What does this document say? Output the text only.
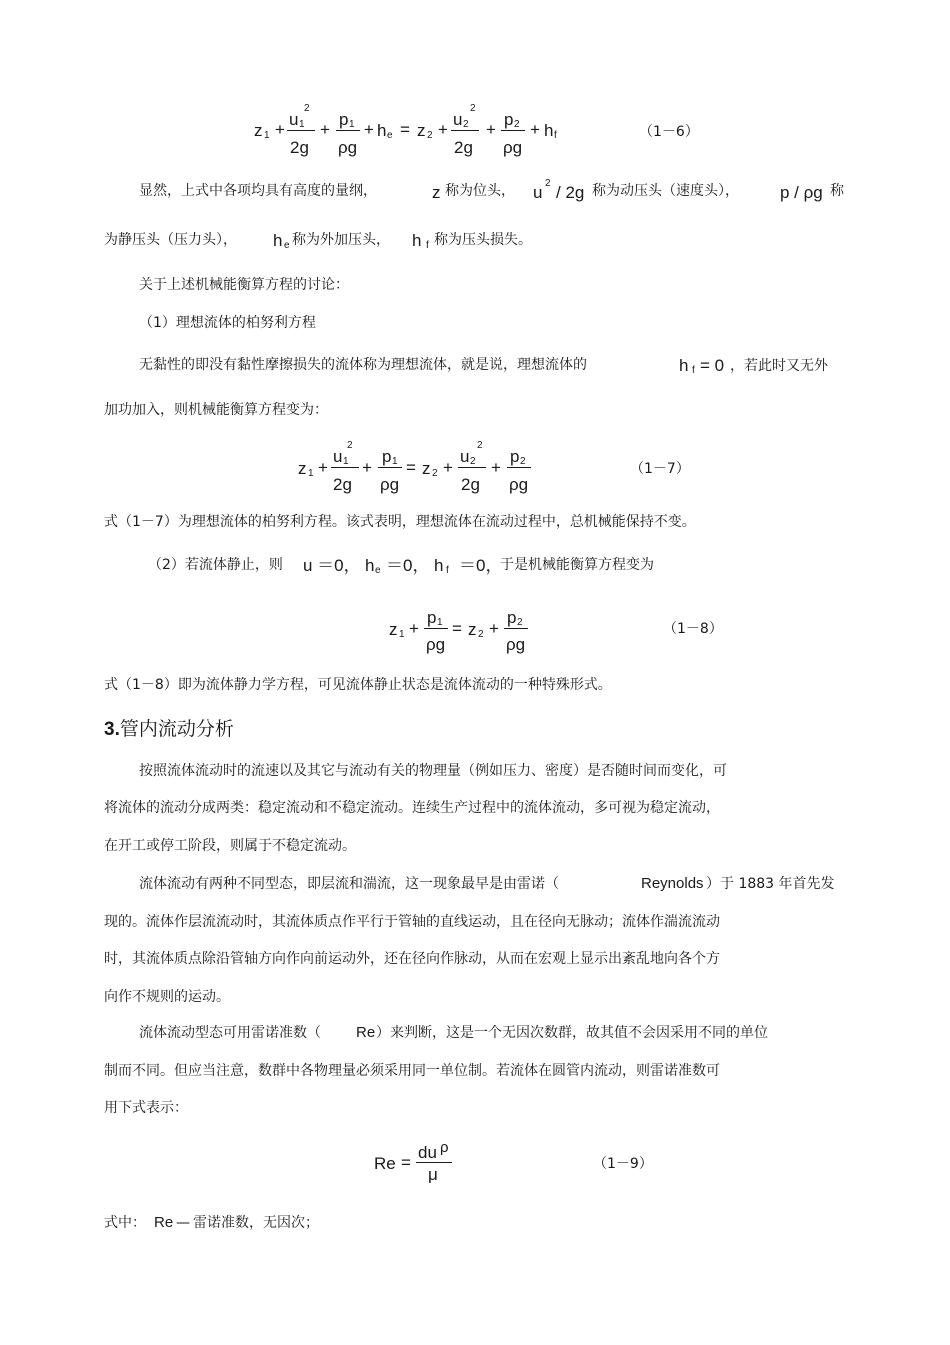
z 1 +
u 1
2
2g
+
p 1
ρg
+ h e = z 2 +
u 2
2
2g
+
p 2
ρg
+ h f	（1－6）
显然，上式中各项均具有高度的量纲，	z 称为位头， u 2 / 2g 称为动压头（速度头）， p / ρg 称
为静压头（压力头）， h e 称为外加压头， h f 称为压头损失。
关于上述机械能衡算方程的讨论：
（1）理想流体的柏努利方程
无黏性的即没有黏性摩擦损失的流体称为理想流体，就是说，理想流体的	h f = 0 ，若此时又无外
加功加入，则机械能衡算方程变为：
z 1 +
u 1
2
2g
+
p 1
ρg
= z 2 +
u 2
2
2g
+
p 2
ρg
（1－7）
式（1－7）为理想流体的柏努利方程。该式表明，理想流体在流动过程中，总机械能保持不变。
（2）若流体静止，则 u ＝0， h e ＝0， h f ＝0，
于是机械能衡算方程变为
z 1 +
p 1
ρg
= z 2 +
p 2
ρg
（1－8）
式（1－8）即为流体静力学方程，可见流体静止状态是流体流动的一种特殊形式。
3.管内流动分析
按照流体流动时的流速以及其它与流动有关的物理量（例如压力、密度）是否随时间而变化，可
将流体的流动分成两类：稳定流动和不稳定流动。连续生产过程中的流体流动，多可视为稳定流动，
在开工或停工阶段，则属于不稳定流动。
流体流动有两种不同型态，即层流和湍流，这一现象最早是由雷诺（	Reynolds ）于 1883 年首先发
现的。流体作层流流动时，其流体质点作平行于管轴的直线运动，且在径向无脉动；流体作湍流流动
时，其流体质点除沿管轴方向作向前运动外，还在径向作脉动，从而在宏观上显示出紊乱地向各个方
向作不规则的运动。
流体流动型态可用雷诺准数（ Re ）来判断，这是一个无因次数群，故其值不会因采用不同的单位
制而不同。但应当注意，数群中各物理量必须采用同一单位制。若流体在圆管内流动，则雷诺准数可
用下式表示：
Re =
du ρ
μ
（1－9）
式中： Re — 雷诺准数，无因次；
